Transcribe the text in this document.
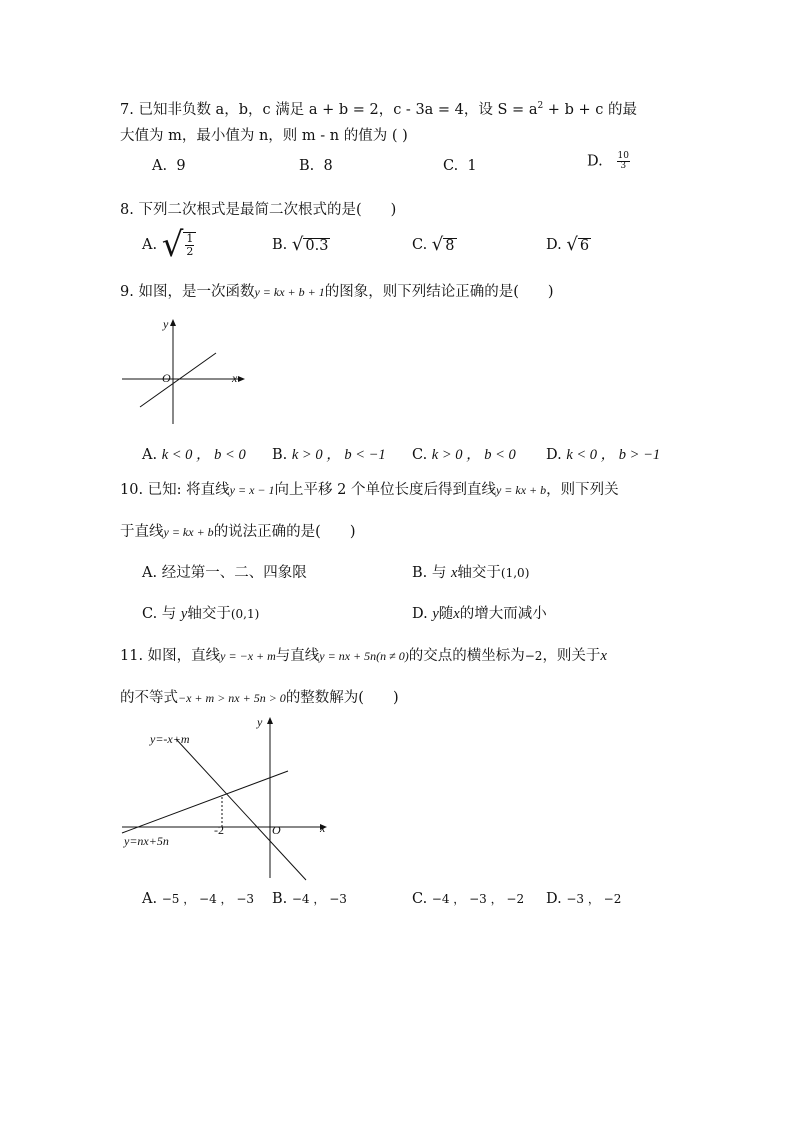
7. 已知非负数 a，b，c 满足 a + b = 2，c - 3a = 4，设 $S = a^2 + b + c$ 的最
大值为 m，最小值为 n，则 m - n 的值为 ( )
A. 9	B. 8	C. 1	D. $\frac{10}{3}$
8. 下列二次根式是最简二次根式的是(　　)
A. √ $\frac{1}{2}$	B. √ 0.3	C. √ 8	D. √ 6
9. 如图，是一次函数y = kx + b + 1的图象，则下列结论正确的是(　　)
y
x
O
A. k < 0 ， b < 0 B. k > 0 ， b < −1 C. k > 0 ， b < 0 D. k < 0 ， b > −1
10. 已知: 将直线y = x − 1向上平移 2 个单位长度后得到直线y = kx + b，则下列关
于直线y = kx + b的说法正确的是(　　)
A. 经过第一、二、四象限	B. 与 x轴交于(1,0)
C. 与 y轴交于(0,1)	D. y随x的增大而减小
11. 如图，直线y = −x + m与直线y = nx + 5n(n ≠ 0)的交点的横坐标为−2，则关于x
的不等式−x + m > nx + 5n > 0的整数解为(　　)
y
x
O
y=-x+m
y=nx+5n
-2
A. −5 ， −4 ， −3 B. −4 ， −3	C. −4 ， −3 ， −2 D. −3 ， −2
